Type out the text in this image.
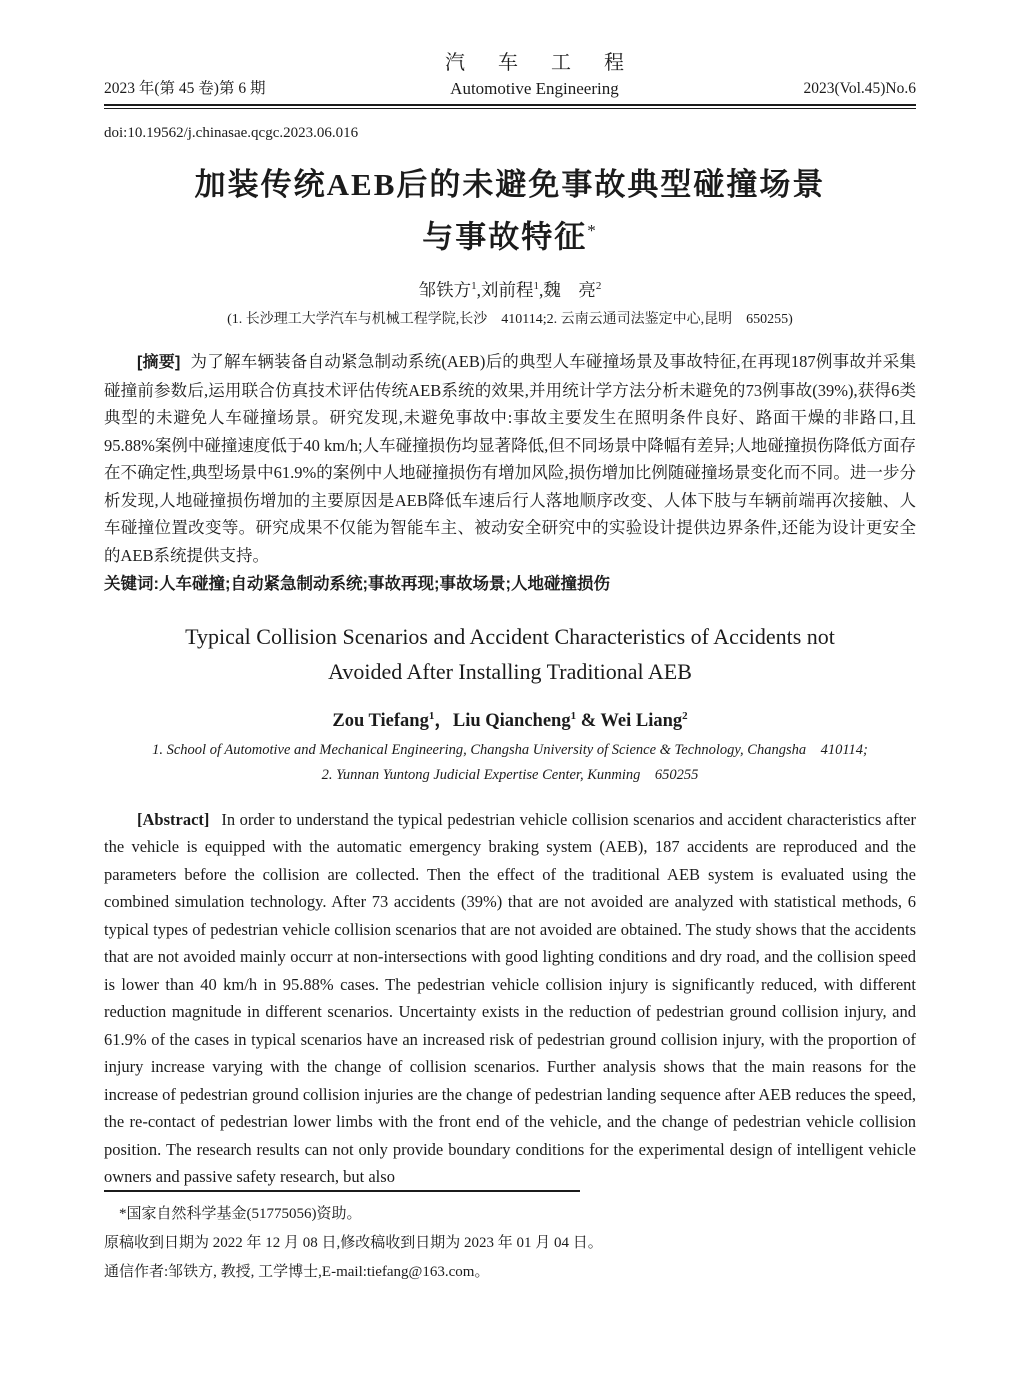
2023 年(第 45 卷)第 6 期
汽 车 工 程
Automotive Engineering	2023(Vol.45)No.6
doi:10.19562/j.chinasae.qcgc.2023.06.016
加装传统AEB后的未避免事故典型碰撞场景
与事故特征*
邹铁方$^1$,刘前程$^1$,魏　亮$^2$
(1. 长沙理工大学汽车与机械工程学院,长沙　410114;2. 云南云通司法鉴定中心,昆明　650255)

[摘要] 为了解车辆装备自动紧急制动系统(AEB)后的典型人车碰撞场景及事故特征,在再现187例事故并采集碰撞前参数后,运用联合仿真技术评估传统AEB系统的效果,并用统计学方法分析未避免的73例事故(39%),获得6类典型的未避免人车碰撞场景。研究发现,未避免事故中:事故主要发生在照明条件良好、路面干燥的非路口,且95.88%案例中碰撞速度低于40 km/h;人车碰撞损伤均显著降低,但不同场景中降幅有差异;人地碰撞损伤降低方面存在不确定性,典型场景中61.9%的案例中人地碰撞损伤有增加风险,损伤增加比例随碰撞场景变化而不同。进一步分析发现,人地碰撞损伤增加的主要原因是AEB降低车速后行人落地顺序改变、人体下肢与车辆前端再次接触、人车碰撞位置改变等。研究成果不仅能为智能车主、被动安全研究中的实验设计提供边界条件,还能为设计更安全的AEB系统提供支持。

关键词:人车碰撞;自动紧急制动系统;事故再现;事故场景;人地碰撞损伤
Typical Collision Scenarios and Accident Characteristics of Accidents not
Avoided After Installing Traditional AEB
Zou Tiefang$^1$，Liu Qiancheng$^1$ & Wei Liang$^2$
1. School of Automotive and Mechanical Engineering, Changsha University of Science & Technology, Changsha　410114;
2. Yunnan Yuntong Judicial Expertise Center, Kunming　650255

[Abstract] In order to understand the typical pedestrian vehicle collision scenarios and accident characteristics after the vehicle is equipped with the automatic emergency braking system (AEB), 187 accidents are reproduced and the parameters before the collision are collected. Then the effect of the traditional AEB system is evaluated using the combined simulation technology. After 73 accidents (39%) that are not avoided are analyzed with statistical methods, 6 typical types of pedestrian vehicle collision scenarios that are not avoided are obtained. The study shows that the accidents that are not avoided mainly occurr at non-intersections with good lighting conditions and dry road, and the collision speed is lower than 40 km/h in 95.88% cases. The pedestrian vehicle collision injury is significantly reduced, with different reduction magnitude in different scenarios. Uncertainty exists in the reduction of pedestrian ground collision injury, and 61.9% of the cases in typical scenarios have an increased risk of pedestrian ground collision injury, with the proportion of injury increase varying with the change of collision scenarios. Further analysis shows that the main reasons for the increase of pedestrian ground collision injuries are the change of pedestrian landing sequence after AEB reduces the speed, the re-contact of pedestrian lower limbs with the front end of the vehicle, and the change of pedestrian vehicle collision position. The research results can not only provide boundary conditions for the experimental design of intelligent vehicle owners and passive safety research, but also

*国家自然科学基金(51775056)资助。
原稿收到日期为 2022 年 12 月 08 日,修改稿收到日期为 2023 年 01 月 04 日。
通信作者:邹铁方, 教授, 工学博士,E-mail:tiefang@163.com。
